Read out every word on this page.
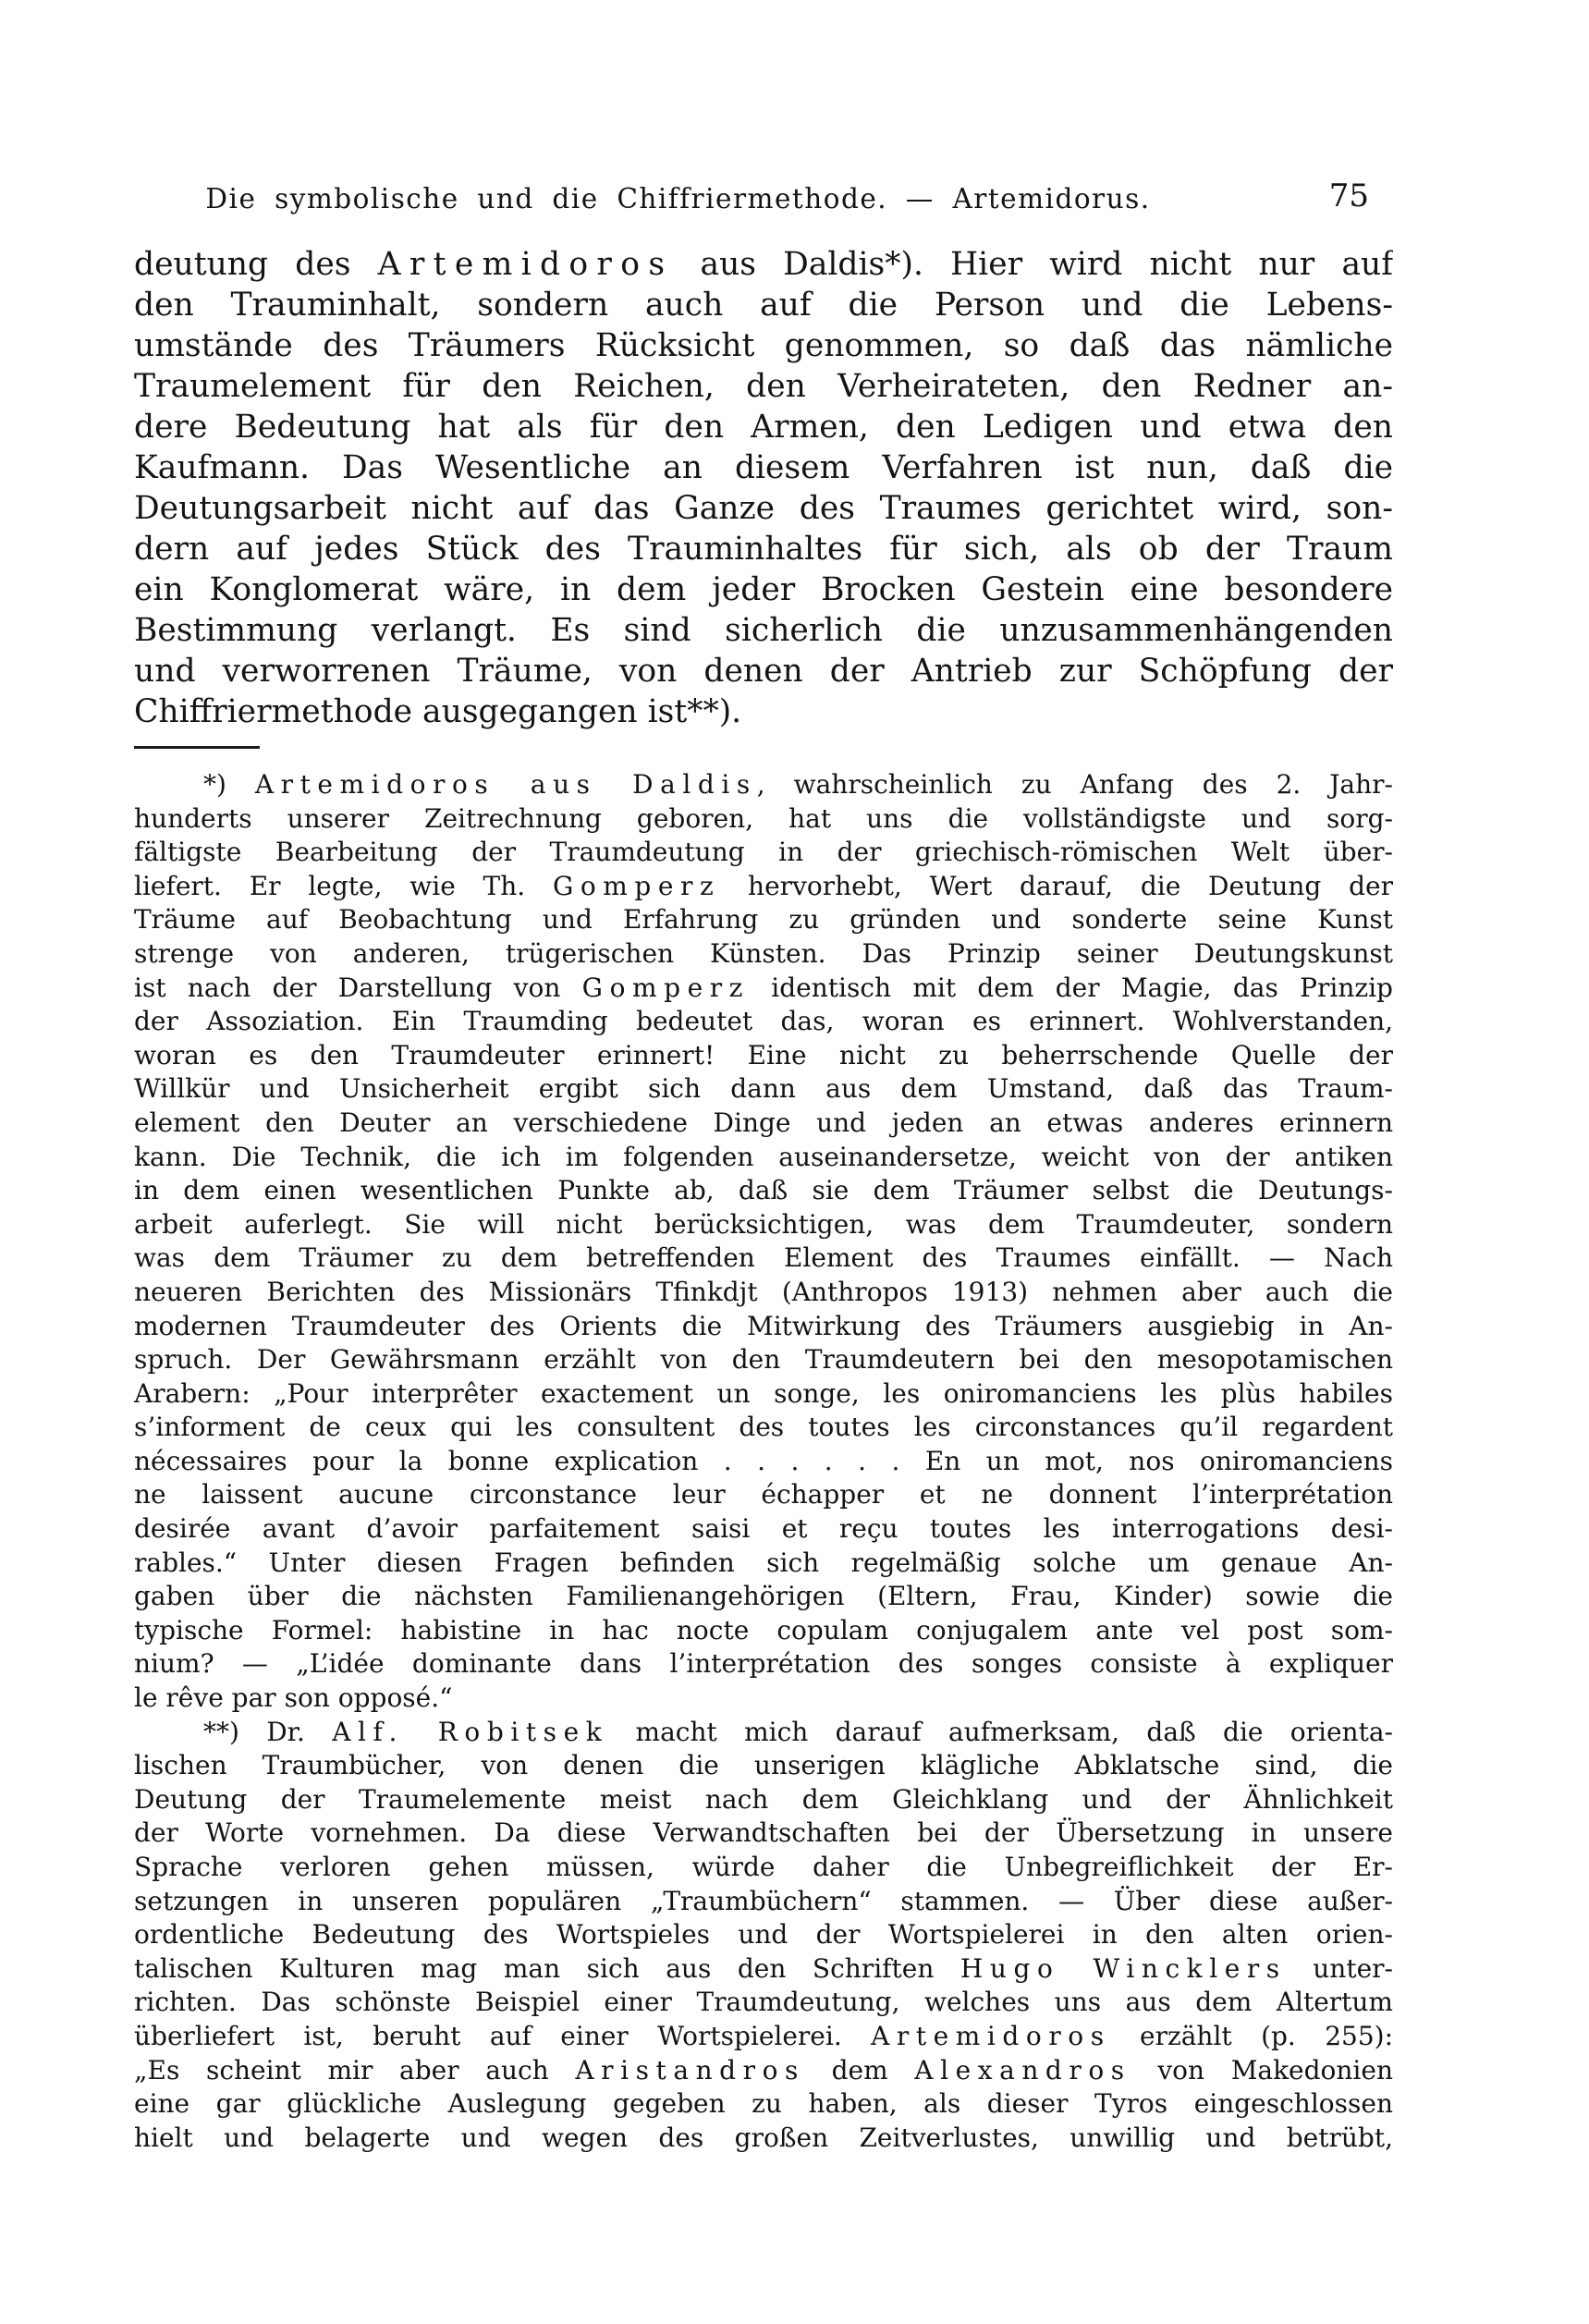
Die symbolische und die Chiffriermethode. — Artemidorus.	75
deutung des Artemidoros aus Daldis*). Hier wird nicht nur auf
den Trauminhalt, sondern auch auf die Person und die Lebens-
umstände des Träumers Rücksicht genommen, so daß das nämliche
Traumelement für den Reichen, den Verheirateten, den Redner an-
dere Bedeutung hat als für den Armen, den Ledigen und etwa den
Kaufmann. Das Wesentliche an diesem Verfahren ist nun, daß die
Deutungsarbeit nicht auf das Ganze des Traumes gerichtet wird, son-
dern auf jedes Stück des Trauminhaltes für sich, als ob der Traum
ein Konglomerat wäre, in dem jeder Brocken Gestein eine besondere
Bestimmung verlangt. Es sind sicherlich die unzusammenhängenden
und verworrenen Träume, von denen der Antrieb zur Schöpfung der
Chiffriermethode ausgegangen ist**).
*) Artemidoros aus Daldis, wahrscheinlich zu Anfang des 2. Jahr-
hunderts unserer Zeitrechnung geboren, hat uns die vollständigste und sorg-
fältigste Bearbeitung der Traumdeutung in der griechisch-römischen Welt über-
liefert. Er legte, wie Th. Gomperz hervorhebt, Wert darauf, die Deutung der
Träume auf Beobachtung und Erfahrung zu gründen und sonderte seine Kunst
strenge von anderen, trügerischen Künsten. Das Prinzip seiner Deutungskunst
ist nach der Darstellung von Gomperz identisch mit dem der Magie, das Prinzip
der Assoziation. Ein Traumding bedeutet das, woran es erinnert. Wohlverstanden,
woran es den Traumdeuter erinnert! Eine nicht zu beherrschende Quelle der
Willkür und Unsicherheit ergibt sich dann aus dem Umstand, daß das Traum-
element den Deuter an verschiedene Dinge und jeden an etwas anderes erinnern
kann. Die Technik, die ich im folgenden auseinandersetze, weicht von der antiken
in dem einen wesentlichen Punkte ab, daß sie dem Träumer selbst die Deutungs-
arbeit auferlegt. Sie will nicht berücksichtigen, was dem Traumdeuter, sondern
was dem Träumer zu dem betreffenden Element des Traumes einfällt. — Nach
neueren Berichten des Missionärs Tfinkdjt (Anthropos 1913) nehmen aber auch die
modernen Traumdeuter des Orients die Mitwirkung des Träumers ausgiebig in An-
spruch. Der Gewährsmann erzählt von den Traumdeutern bei den mesopotamischen
Arabern: „Pour interprêter exactement un songe, les oniromanciens les plùs habiles
s’informent de ceux qui les consultent des toutes les circonstances qu’il regardent
nécessaires pour la bonne explication . . . . . . En un mot, nos oniromanciens
ne laissent aucune circonstance leur échapper et ne donnent l’interprétation
desirée avant d’avoir parfaitement saisi et reçu toutes les interrogations desi-
rables.“ Unter diesen Fragen befinden sich regelmäßig solche um genaue An-
gaben über die nächsten Familienangehörigen (Eltern, Frau, Kinder) sowie die
typische Formel: habistine in hac nocte copulam conjugalem ante vel post som-
nium? — „L’idée dominante dans l’interprétation des songes consiste à expliquer
le rêve par son opposé.“
**) Dr. Alf. Robitsek macht mich darauf aufmerksam, daß die orienta-
lischen Traumbücher, von denen die unserigen klägliche Abklatsche sind, die
Deutung der Traumelemente meist nach dem Gleichklang und der Ähnlichkeit
der Worte vornehmen. Da diese Verwandtschaften bei der Übersetzung in unsere
Sprache verloren gehen müssen, würde daher die Unbegreiflichkeit der Er-
setzungen in unseren populären „Traumbüchern“ stammen. — Über diese außer-
ordentliche Bedeutung des Wortspieles und der Wortspielerei in den alten orien-
talischen Kulturen mag man sich aus den Schriften Hugo Wincklers unter-
richten. Das schönste Beispiel einer Traumdeutung, welches uns aus dem Altertum
überliefert ist, beruht auf einer Wortspielerei. Artemidoros erzählt (p. 255):
„Es scheint mir aber auch Aristandros dem Alexandros von Makedonien
eine gar glückliche Auslegung gegeben zu haben, als dieser Tyros eingeschlossen
hielt und belagerte und wegen des großen Zeitverlustes, unwillig und betrübt,
